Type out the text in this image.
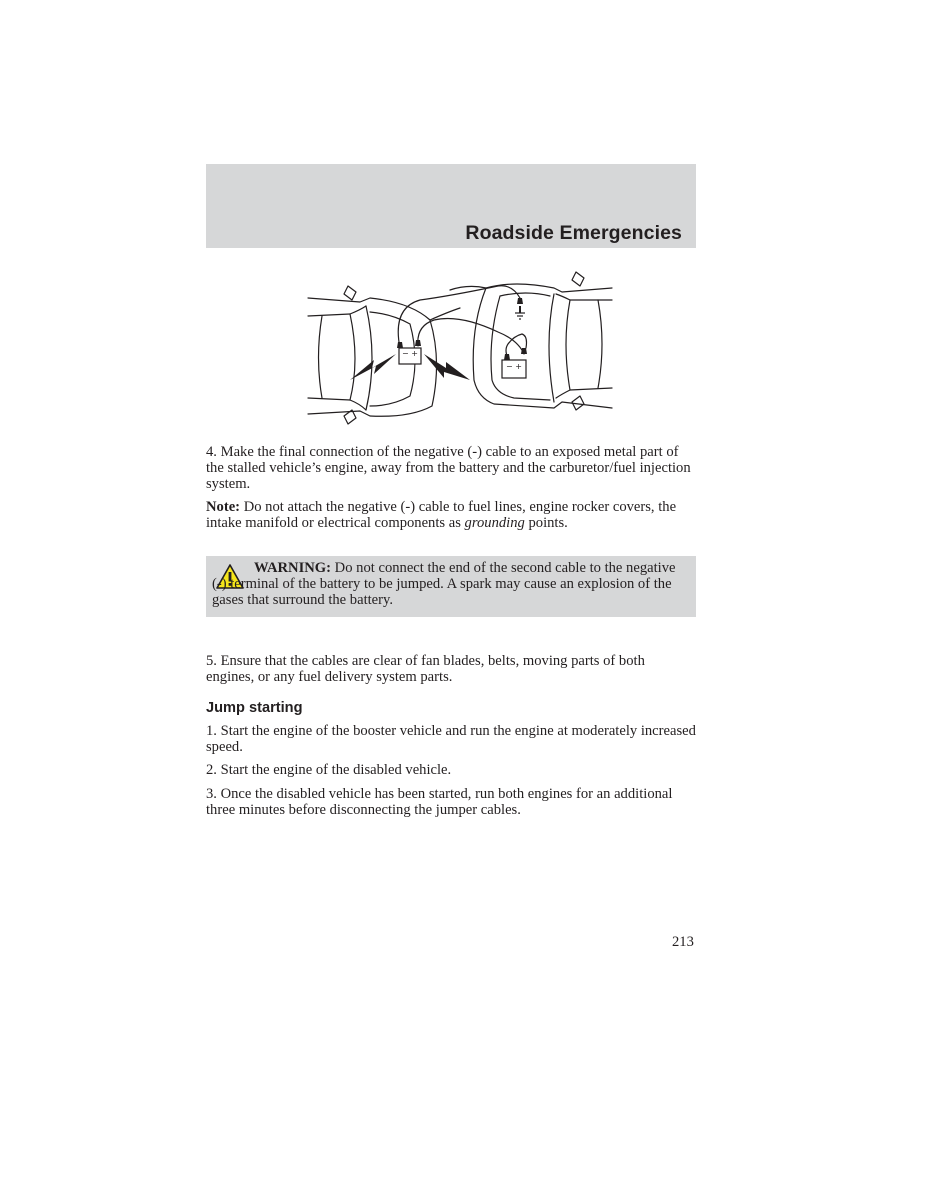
Roadside Emergencies
− +
− +

4. Make the final connection of the negative (-) cable to an exposed metal part of the stalled vehicle’s engine, away from the battery and the carburetor/fuel injection system.

Note: Do not attach the negative (-) cable to fuel lines, engine rocker covers, the intake manifold or electrical components as grounding points.

WARNING: Do not connect the end of the second cable to the negative (-) terminal of the battery to be jumped. A spark may cause an explosion of the gases that surround the battery.

5. Ensure that the cables are clear of fan blades, belts, moving parts of both engines, or any fuel delivery system parts.

Jump starting

1. Start the engine of the booster vehicle and run the engine at moderately increased speed.

2. Start the engine of the disabled vehicle.

3. Once the disabled vehicle has been started, run both engines for an additional three minutes before disconnecting the jumper cables.

213
